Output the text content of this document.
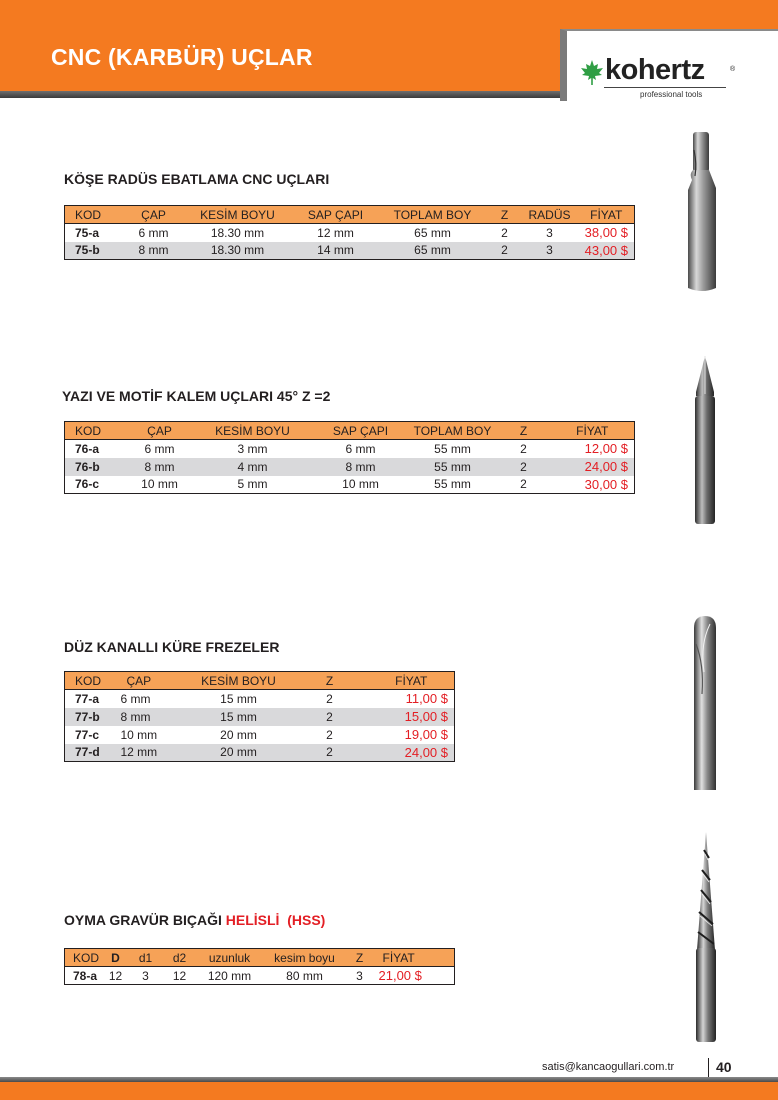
CNC (KARBÜR) UÇLAR	kohertz	®
professional tools
KÖŞE RADÜS EBATLAMA CNC UÇLARI
KOD	ÇAP	KESİM BOYU	SAP ÇAPI	TOPLAM BOY	Z	RADÜS	FİYAT
75-a	6 mm	18.30 mm	12 mm	65 mm	2	3	38,00 $
75-b	8 mm	18.30 mm	14 mm	65 mm	2	3	43,00 $
YAZI VE MOTİF KALEM UÇLARI 45° Z =2
KOD	ÇAP	KESİM BOYU	SAP ÇAPI	TOPLAM BOY	Z	FİYAT
76-a	6 mm	3 mm	6 mm	55 mm	2	12,00 $
76-b	8 mm	4 mm	8 mm	55 mm	2	24,00 $
76-c	10 mm	5 mm	10 mm	55 mm	2	30,00 $
DÜZ KANALLI KÜRE FREZELER
KOD	ÇAP	KESİM BOYU	Z	FİYAT
77-a	6 mm	15 mm	2	11,00 $
77-b	8 mm	15 mm	2	15,00 $
77-c	10 mm	20 mm	2	19,00 $
77-d	12 mm	20 mm	2	24,00 $
OYMA GRAVÜR BIÇAĞI HELİSLİ  (HSS)
KOD	D	d1	d2	uzunluk	kesim boyu	Z	FİYAT
78-a	12	3	12	120 mm	80 mm	3	21,00 $
satis@kancaogullari.com.tr	40
